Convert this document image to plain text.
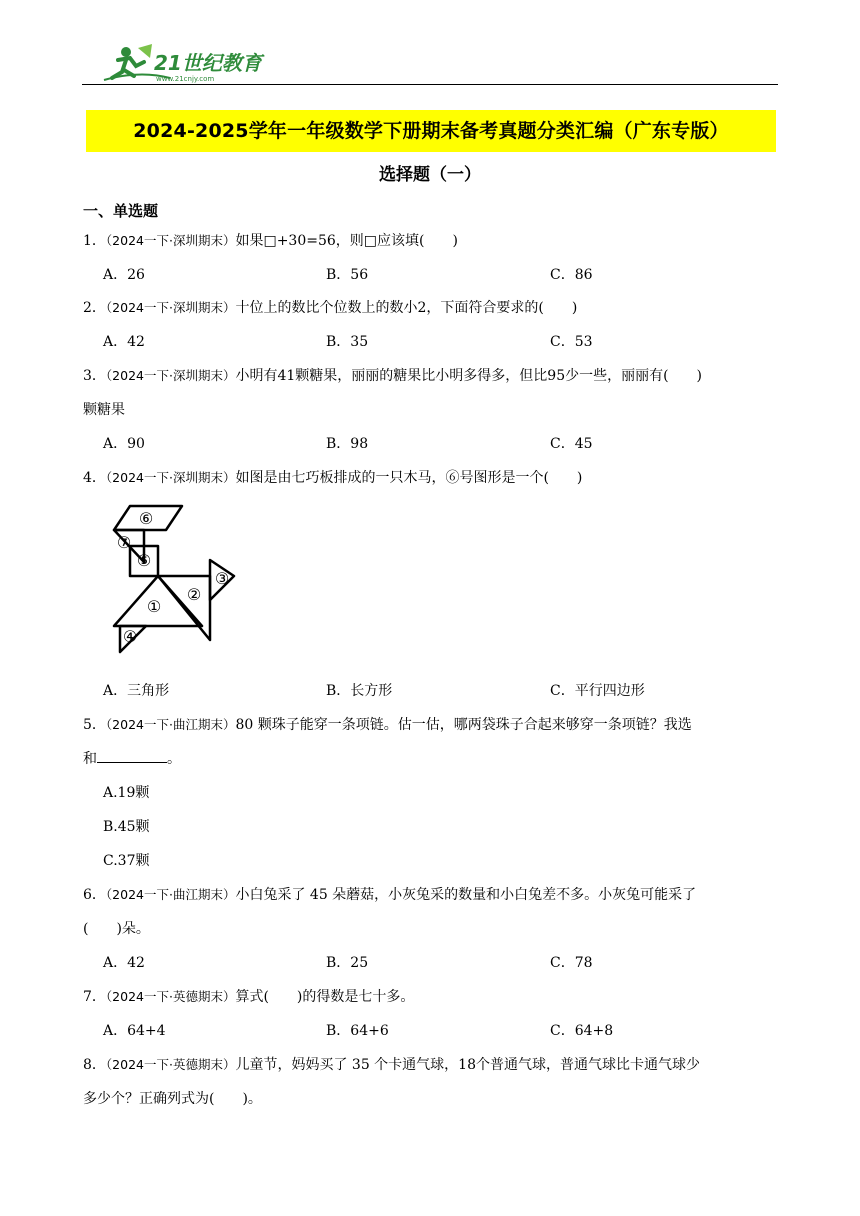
21世纪教育
www.21cnjy.com
2024-2025学年一年级数学下册期末备考真题分类汇编（广东专版）
选择题（一）
一、单选题
1．（2024一下·深圳期末）如果□+30=56，则□应该填(　　)
A．26	B．56	C．86
2．（2024一下·深圳期末）十位上的数比个位数上的数小2，下面符合要求的(　　)
A．42	B．35	C．53
3．（2024一下·深圳期末）小明有41颗糖果，丽丽的糖果比小明多得多，但比95少一些，丽丽有(　　)
颗糖果
A．90	B．98	C．45
4．（2024一下·深圳期末）如图是由七巧板排成的一只木马，⑥号图形是一个(　　)
⑥
⑦
⑤
①
②
③
④
A．三角形	B．长方形	C．平行四边形
5．（2024一下·曲江期末）80 颗珠子能穿一条项链。估一估，哪两袋珠子合起来够穿一条项链？我选
和	。
A.19颗
B.45颗
C.37颗
6．（2024一下·曲江期末）小白兔采了 45 朵蘑菇，小灰兔采的数量和小白兔差不多。小灰兔可能采了
(　　)朵。
A．42	B．25	C．78
7．（2024一下·英德期末）算式(　　)的得数是七十多。
A．64+4	B．64+6	C．64+8
8．（2024一下·英德期末）儿童节，妈妈买了 35 个卡通气球，18个普通气球，普通气球比卡通气球少
多少个？正确列式为(　　)。
